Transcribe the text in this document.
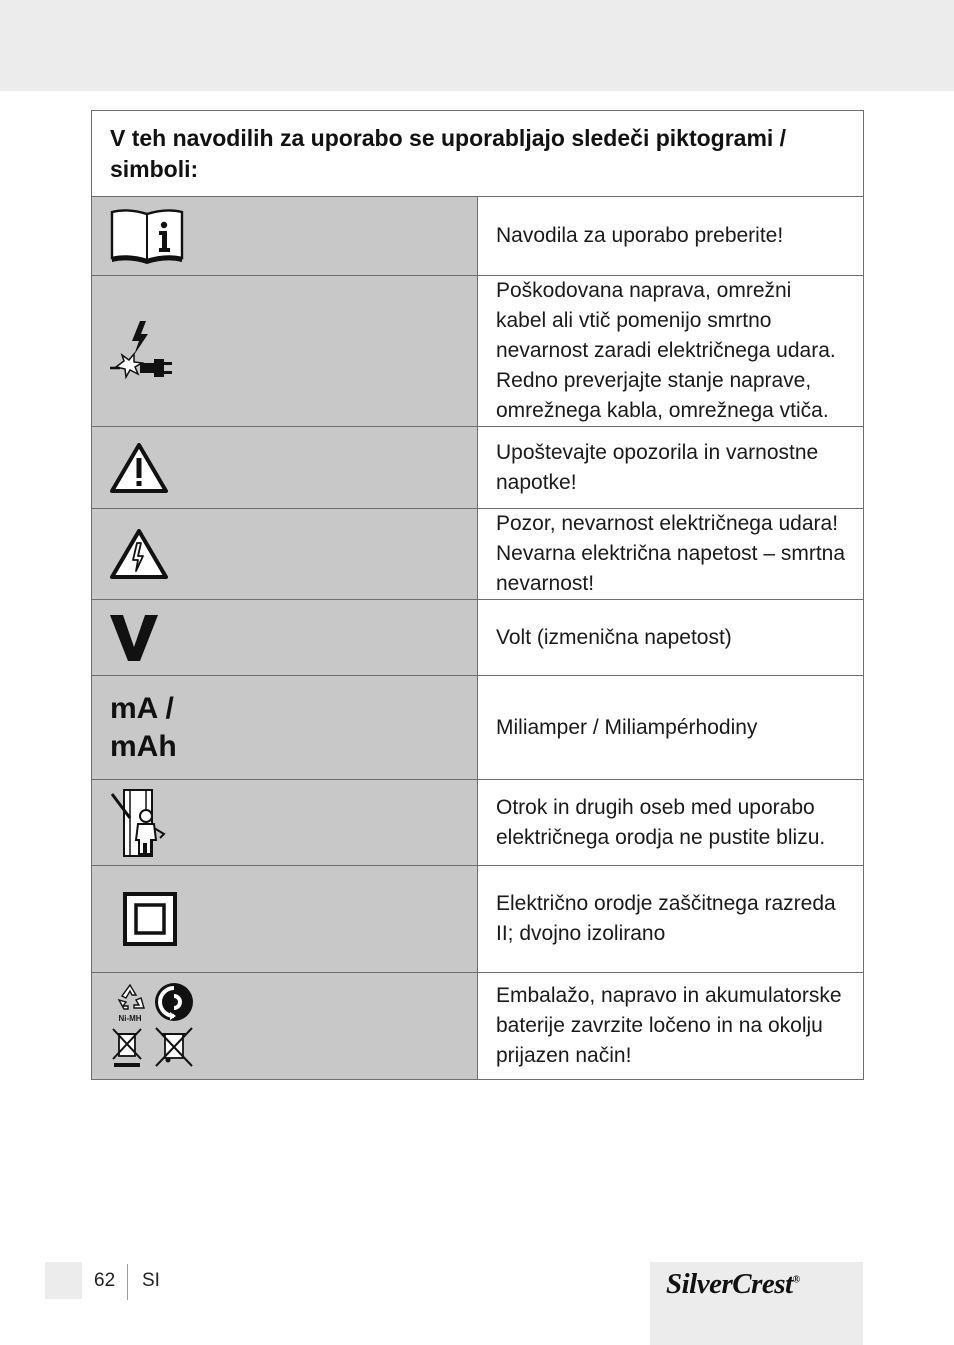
V teh navodilih za uporabo se uporabljajo sledeči piktogrami / simboli:	

	Navodila za uporabo preberite!

	Poškodovana naprava, omrežni kabel ali vtič pomenijo smrtno nevarnost zaradi električnega udara. Redno preverjajte stanje naprave, omrežnega kabla, omrežnega vtiča.

	Upoštevajte opozorila in varnostne napotke!

	Pozor, nevarnost električnega udara! Nevarna električna napetost – smrtna nevarnost!

	Volt (izmenična napetost)

mA / mAh	Miliamper / Miliampérhodiny

	Otrok in drugih oseb med uporabo električnega orodja ne pustite blizu.

	Električno orodje zaščitnega razreda II; dvojno izolirano

Ni-MH	Embalažo, napravo in akumulatorske baterije zavrzite ločeno in na okolju prijazen način!
62 SI	SilverCrest®
